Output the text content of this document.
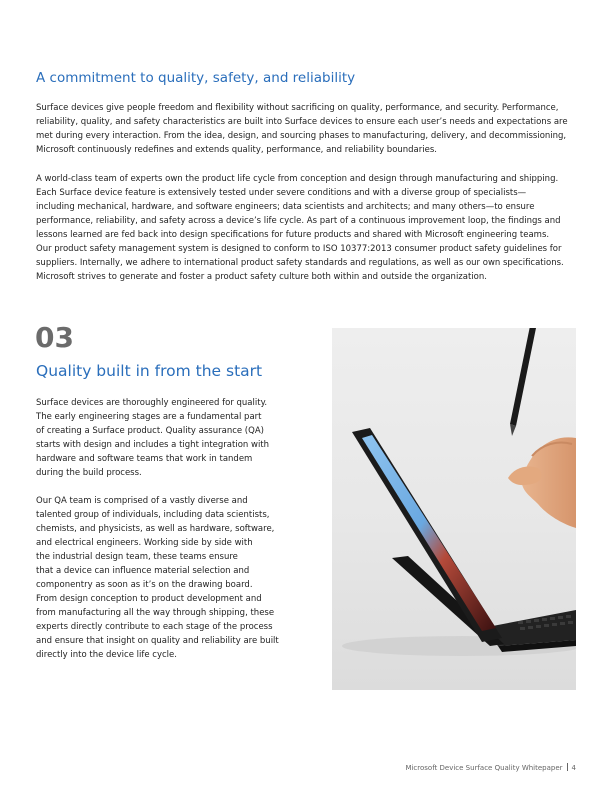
A commitment to quality, safety, and reliability

Surface devices give people freedom and flexibility without sacrificing on quality, performance, and security. Performance,
reliability, quality, and safety characteristics are built into Surface devices to ensure each user’s needs and expectations are
met during every interaction. From the idea, design, and sourcing phases to manufacturing, delivery, and decommissioning,
Microsoft continuously redefines and extends quality, performance, and reliability boundaries.

A world-class team of experts own the product life cycle from conception and design through manufacturing and shipping.
Each Surface device feature is extensively tested under severe conditions and with a diverse group of specialists—
including mechanical, hardware, and software engineers; data scientists and architects; and many others—to ensure
performance, reliability, and safety across a device’s life cycle. As part of a continuous improvement loop, the findings and
lessons learned are fed back into design specifications for future products and shared with Microsoft engineering teams.
Our product safety management system is designed to conform to ISO 10377:2013 consumer product safety guidelines for
suppliers. Internally, we adhere to international product safety standards and regulations, as well as our own specifications.
Microsoft strives to generate and foster a product safety culture both within and outside the organization.

03
Quality built in from the start

Surface devices are thoroughly engineered for quality.
The early engineering stages are a fundamental part
of creating a Surface product. Quality assurance (QA)
starts with design and includes a tight integration with
hardware and software teams that work in tandem
during the build process.

Our QA team is comprised of a vastly diverse and
talented group of individuals, including data scientists,
chemists, and physicists, as well as hardware, software,
and electrical engineers. Working side by side with
the industrial design team, these teams ensure
that a device can influence material selection and
componentry as soon as it’s on the drawing board.
From design conception to product development and
from manufacturing all the way through shipping, these
experts directly contribute to each stage of the process
and ensure that insight on quality and reliability are built
directly into the device life cycle.

Microsoft Device Surface Quality Whitepaper 4
